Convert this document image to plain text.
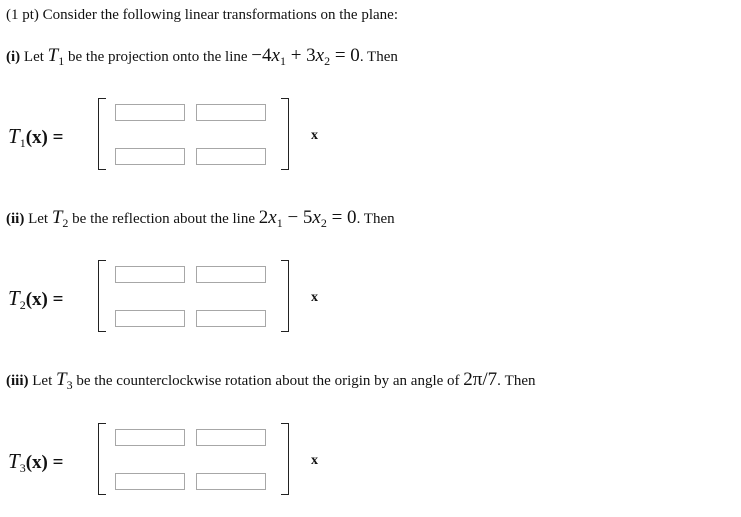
(1 pt) Consider the following linear transformations on the plane:
(i) Let $T_1$ be the projection onto the line $-4x_1 + 3x_2 = 0$. Then
$T_1(x)$ =	x
(ii) Let $T_2$ be the reflection about the line $2x_1 - 5x_2 = 0$. Then
$T_2(x)$ =	x
(iii) Let $T_3$ be the counterclockwise rotation about the origin by an angle of 2π/7. Then
$T_3(x)$ =	x
